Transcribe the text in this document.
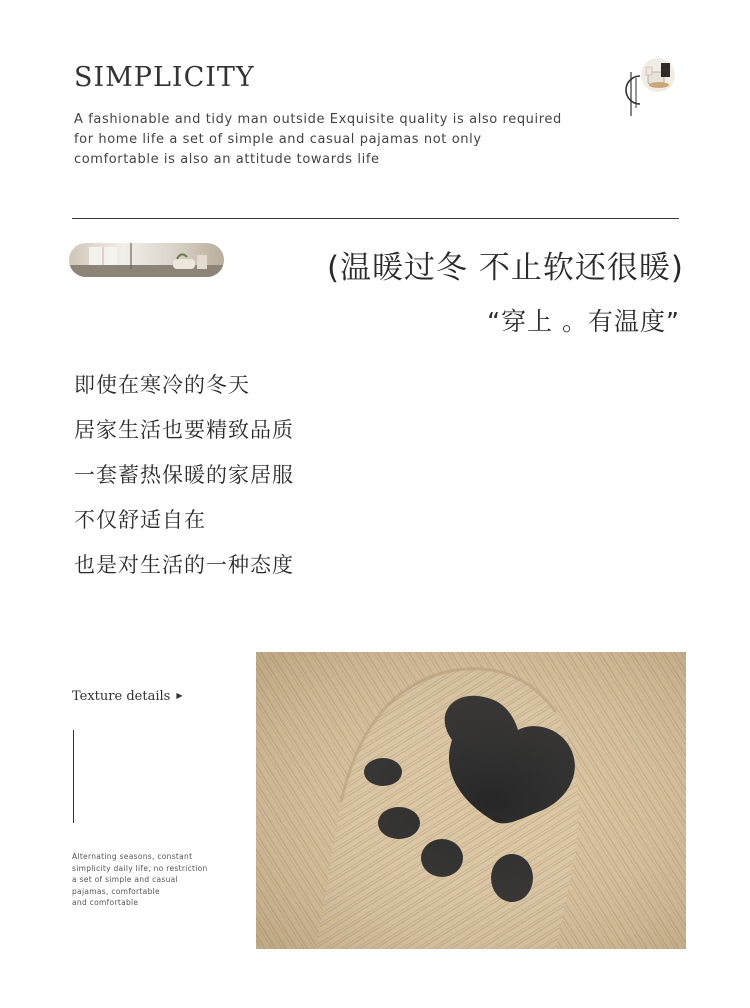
SIMPLICITY
A fashionable and tidy man outside Exquisite quality is also required
for home life a set of simple and casual pajamas not only
comfortable is also an attitude towards life
(温暖过冬 不止软还很暖)
“穿上 。有温度”
即使在寒冷的冬天
居家生活也要精致品质
一套蓄热保暖的家居服
不仅舒适自在
也是对生活的一种态度
Texture details ▶
Alternating seasons, constant
simplicity daily life, no restriction
a set of simple and casual
pajamas, comfortable
and comfortable
